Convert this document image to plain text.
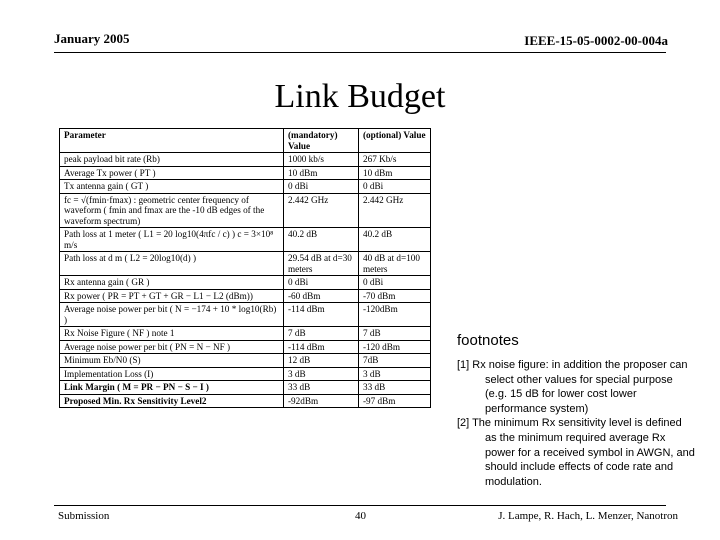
January 2005	IEEE-15-05-0002-00-004a
Link Budget
Parameter	(mandatory) Value	(optional) Value
peak payload bit rate (Rb)	1000 kb/s	267 Kb/s
Average Tx power ( PT )	10 dBm	10 dBm
Tx antenna gain ( GT )	0 dBi	0 dBi
fc = √(fmin·fmax) : geometric center frequency of waveform ( fmin and fmax are the -10 dB edges of the waveform spectrum)	2.442 GHz	2.442 GHz
Path loss at 1 meter ( L1 = 20 log10(4πfc / c) ) c = 3×10⁸ m/s	40.2 dB	40.2 dB
Path loss at d m ( L2 = 20log10(d) )	29.54 dB at d=30 meters	40 dB at d=100 meters
Rx antenna gain ( GR )	0 dBi	0 dBi
Rx power ( PR = PT + GT + GR − L1 − L2 (dBm))	-60 dBm	-70 dBm
Average noise power per bit ( N = −174 + 10 * log10(Rb) )	-114 dBm	-120dBm
Rx Noise Figure ( NF ) note 1	7 dB	7 dB
Average noise power per bit ( PN = N − NF )	-114 dBm	-120 dBm
Minimum Eb/N0 (S)	12 dB	7dB
Implementation Loss (I)	3 dB	3 dB
Link Margin ( M = PR − PN − S − I )	33 dB	33 dB
Proposed Min. Rx Sensitivity Level2	-92dBm	-97 dBm
footnotes
[1] Rx noise figure: in addition the proposer can select other values for special purpose (e.g. 15 dB for lower cost lower performance system)
[2] The minimum Rx sensitivity level is defined as the minimum required average Rx power for a received symbol in AWGN, and should include effects of code rate and modulation.
Submission	40	J. Lampe, R. Hach, L. Menzer, Nanotron
